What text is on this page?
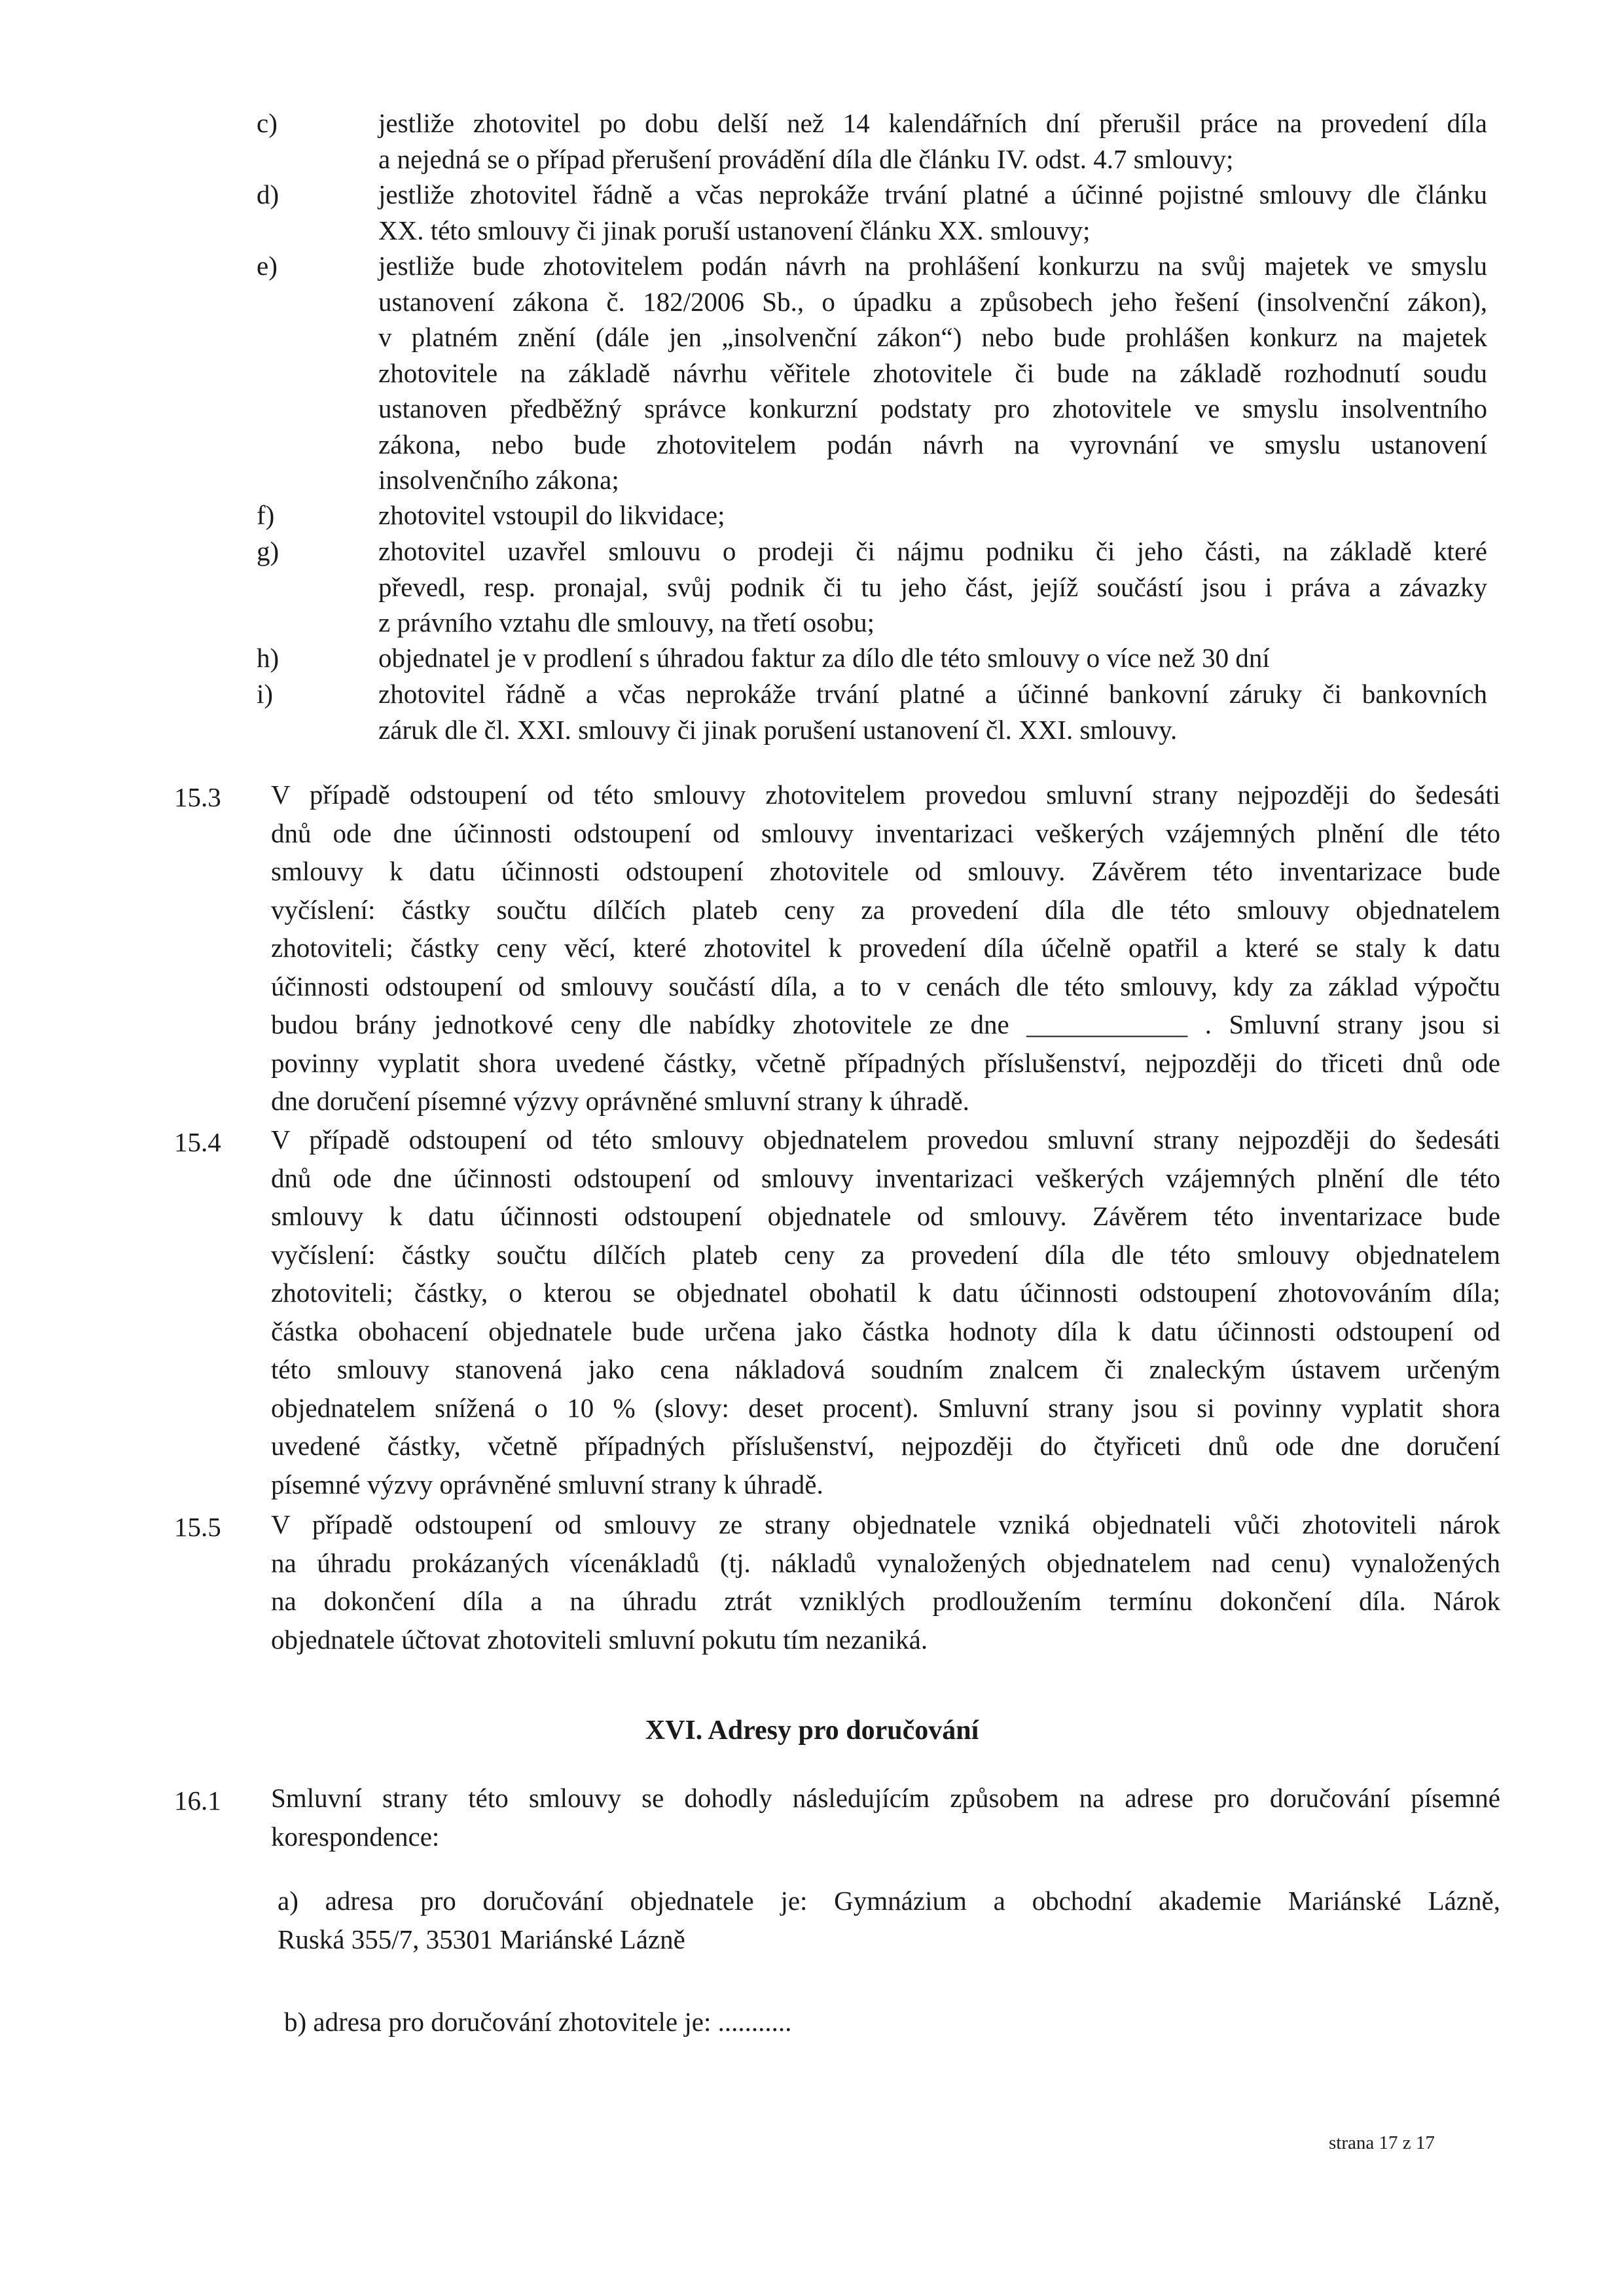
c)	jestliže zhotovitel po dobu delší než 14 kalendářních dní přerušil práce na provedení díla
a nejedná se o případ přerušení provádění díla dle článku IV. odst. 4.7 smlouvy;
d)	jestliže zhotovitel řádně a včas neprokáže trvání platné a účinné pojistné smlouvy dle článku
XX. této smlouvy či jinak poruší ustanovení článku XX. smlouvy;
e)	jestliže bude zhotovitelem podán návrh na prohlášení konkurzu na svůj majetek ve smyslu
ustanovení zákona č. 182/2006 Sb., o úpadku a způsobech jeho řešení (insolvenční zákon),
v platném znění (dále jen „insolvenční zákon“) nebo bude prohlášen konkurz na majetek
zhotovitele na základě návrhu věřitele zhotovitele či bude na základě rozhodnutí soudu
ustanoven předběžný správce konkurzní podstaty pro zhotovitele ve smyslu insolventního
zákona, nebo bude zhotovitelem podán návrh na vyrovnání ve smyslu ustanovení
insolvenčního zákona;
f)	zhotovitel vstoupil do likvidace;
g)	zhotovitel uzavřel smlouvu o prodeji či nájmu podniku či jeho části, na základě které
převedl, resp. pronajal, svůj podnik či tu jeho část, jejíž součástí jsou i práva a závazky
z právního vztahu dle smlouvy, na třetí osobu;
h)	objednatel je v prodlení s úhradou faktur za dílo dle této smlouvy o více než 30 dní
i)	zhotovitel řádně a včas neprokáže trvání platné a účinné bankovní záruky či bankovních
záruk dle čl. XXI. smlouvy či jinak porušení ustanovení čl. XXI. smlouvy.
15.3 V případě odstoupení od této smlouvy zhotovitelem provedou smluvní strany nejpozději do šedesáti
dnů ode dne účinnosti odstoupení od smlouvy inventarizaci veškerých vzájemných plnění dle této
smlouvy k datu účinnosti odstoupení zhotovitele od smlouvy. Závěrem této inventarizace bude
vyčíslení: částky součtu dílčích plateb ceny za provedení díla dle této smlouvy objednatelem
zhotoviteli; částky ceny věcí, které zhotovitel k provedení díla účelně opatřil a které se staly k datu
účinnosti odstoupení od smlouvy součástí díla, a to v cenách dle této smlouvy, kdy za základ výpočtu
budou brány jednotkové ceny dle nabídky zhotovitele ze dne ____________ . Smluvní strany jsou si
povinny vyplatit shora uvedené částky, včetně případných příslušenství, nejpozději do třiceti dnů ode
dne doručení písemné výzvy oprávněné smluvní strany k úhradě.
15.4 V případě odstoupení od této smlouvy objednatelem provedou smluvní strany nejpozději do šedesáti
dnů ode dne účinnosti odstoupení od smlouvy inventarizaci veškerých vzájemných plnění dle této
smlouvy k datu účinnosti odstoupení objednatele od smlouvy. Závěrem této inventarizace bude
vyčíslení: částky součtu dílčích plateb ceny za provedení díla dle této smlouvy objednatelem
zhotoviteli; částky, o kterou se objednatel obohatil k datu účinnosti odstoupení zhotovováním díla;
částka obohacení objednatele bude určena jako částka hodnoty díla k datu účinnosti odstoupení od
této smlouvy stanovená jako cena nákladová soudním znalcem či znaleckým ústavem určeným
objednatelem snížená o 10 % (slovy: deset procent). Smluvní strany jsou si povinny vyplatit shora
uvedené částky, včetně případných příslušenství, nejpozději do čtyřiceti dnů ode dne doručení
písemné výzvy oprávněné smluvní strany k úhradě.
15.5 V případě odstoupení od smlouvy ze strany objednatele vzniká objednateli vůči zhotoviteli nárok
na úhradu prokázaných vícenákladů (tj. nákladů vynaložených objednatelem nad cenu) vynaložených
na dokončení díla a na úhradu ztrát vzniklých prodloužením termínu dokončení díla. Nárok
objednatele účtovat zhotoviteli smluvní pokutu tím nezaniká.
16.1 Smluvní strany této smlouvy se dohodly následujícím způsobem na adrese pro doručování písemné
korespondence:
a) adresa pro doručování objednatele je: Gymnázium a obchodní akademie Mariánské Lázně,
Ruská 355/7, 35301 Mariánské Lázně
b) adresa pro doručování zhotovitele je: ...........
XVI. Adresy pro doručování
strana 17 z 17
